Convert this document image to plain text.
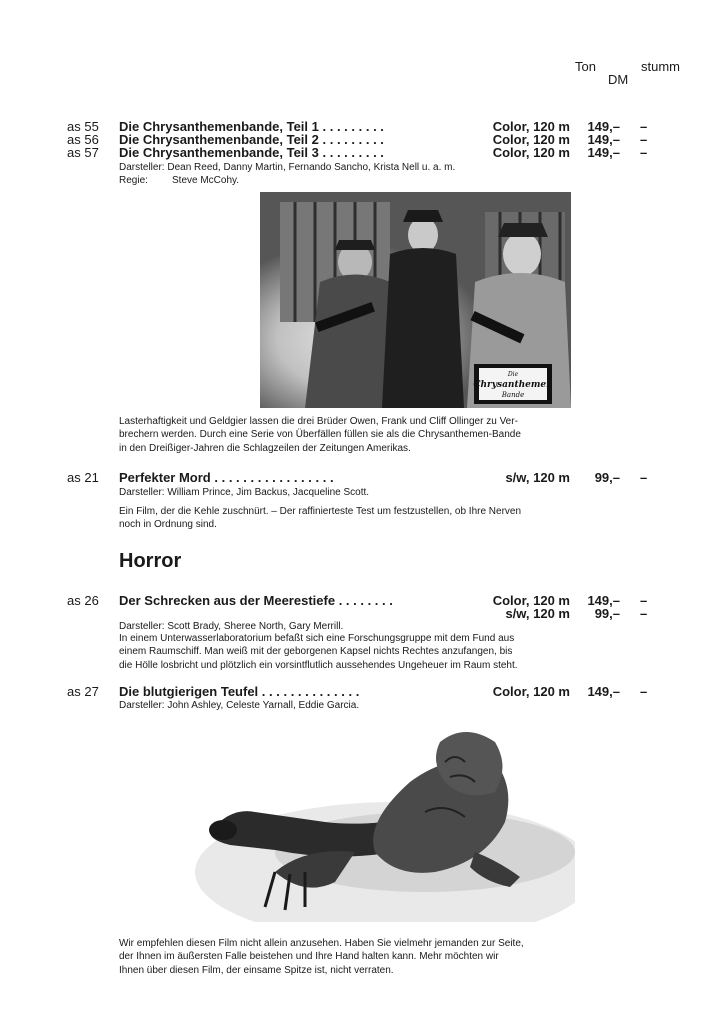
Ton
DM
stumm
as 55 Die Chrysanthemenbande, Teil 1 . . . . . . . . .	Color, 120 m 149,– –
as 56 Die Chrysanthemenbande, Teil 2 . . . . . . . . .	Color, 120 m 149,– –
as 57 Die Chrysanthemenbande, Teil 3 . . . . . . . . .	Color, 120 m 149,– –
Darsteller: Dean Reed, Danny Martin, Fernando Sancho, Krista Nell u. a. m.
Regie: Steve McCohy.
Die
Chrysanthemen
Bande
Lasterhaftigkeit und Geldgier lassen die drei Brüder Owen, Frank und Cliff Ollinger zu Ver-
brechern werden. Durch eine Serie von Überfällen füllen sie als die Chrysanthemen-Bande
in den Dreißiger-Jahren die Schlagzeilen der Zeitungen Amerikas.
as 21 Perfekter Mord . . . . . . . . . . . . . . . . .	s/w, 120 m 99,– –
Darsteller: William Prince, Jim Backus, Jacqueline Scott.
Ein Film, der die Kehle zuschnürt. – Der raffinierteste Test um festzustellen, ob Ihre Nerven
noch in Ordnung sind.
Horror
as 26 Der Schrecken aus der Meerestiefe . . . . . . . .	Color, 120 m 149,– –
s/w, 120 m 99,– –
Darsteller: Scott Brady, Sheree North, Gary Merrill.
In einem Unterwasserlaboratorium befaßt sich eine Forschungsgruppe mit dem Fund aus
einem Raumschiff. Man weiß mit der geborgenen Kapsel nichts Rechtes anzufangen, bis
die Hölle losbricht und plötzlich ein vorsintflutlich aussehendes Ungeheuer im Raum steht.
as 27 Die blutgierigen Teufel . . . . . . . . . . . . . .	Color, 120 m 149,– –
Darsteller: John Ashley, Celeste Yarnall, Eddie Garcia.
Wir empfehlen diesen Film nicht allein anzusehen. Haben Sie vielmehr jemanden zur Seite,
der Ihnen im äußersten Falle beistehen und Ihre Hand halten kann. Mehr möchten wir
Ihnen über diesen Film, der einsame Spitze ist, nicht verraten.
